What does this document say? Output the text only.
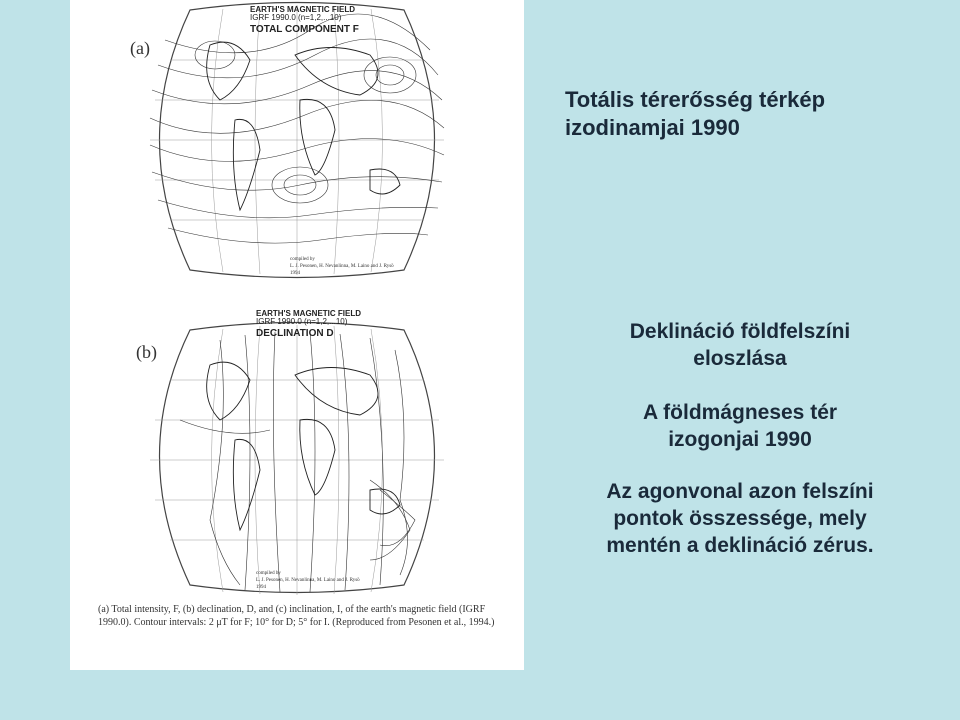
(a)
EARTH'S MAGNETIC FIELD
IGRF 1990.0 (n=1,2,...10)
TOTAL COMPONENT F
compiled by
L. J. Pesonen, H. Nevanlinna, M. Laino and J. Rysö
1994
(b)
EARTH'S MAGNETIC FIELD
IGRF 1990.0 (n=1,2,...10)
DECLINATION D
compiled by
L. J. Pesonen, H. Nevanlinna, M. Laino and J. Rysö
1994
(a) Total intensity, F, (b) declination, D, and (c) inclination, I, of the earth's magnetic field (IGRF 1990.0). Contour intervals: 2 μT for F; 10° for D; 5° for I. (Reproduced from Pesonen et al., 1994.)
Totális térerősség térkép
izodinamjai 1990
Deklináció földfelszíni
eloszlása
A földmágneses tér
izogonjai 1990
Az agonvonal azon felszíni
pontok összessége, mely
mentén a deklináció zérus.
